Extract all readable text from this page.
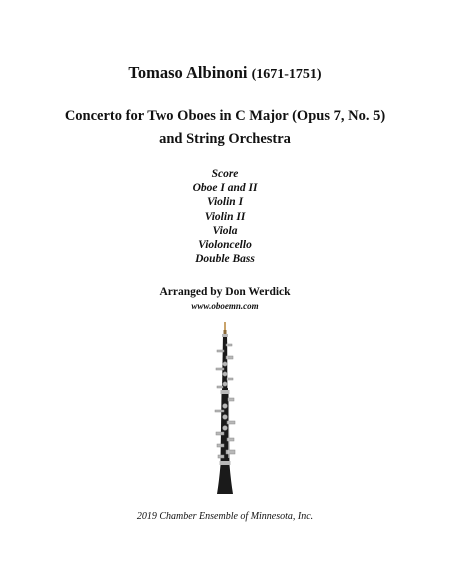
Tomaso Albinoni (1671-1751)
Concerto for Two Oboes in C Major (Opus 7, No. 5)
and String Orchestra
Score
Oboe I and II
Violin I
Violin II
Viola
Violoncello
Double Bass
Arranged by Don Werdick
www.oboemn.com
2019 Chamber Ensemble of Minnesota, Inc.
